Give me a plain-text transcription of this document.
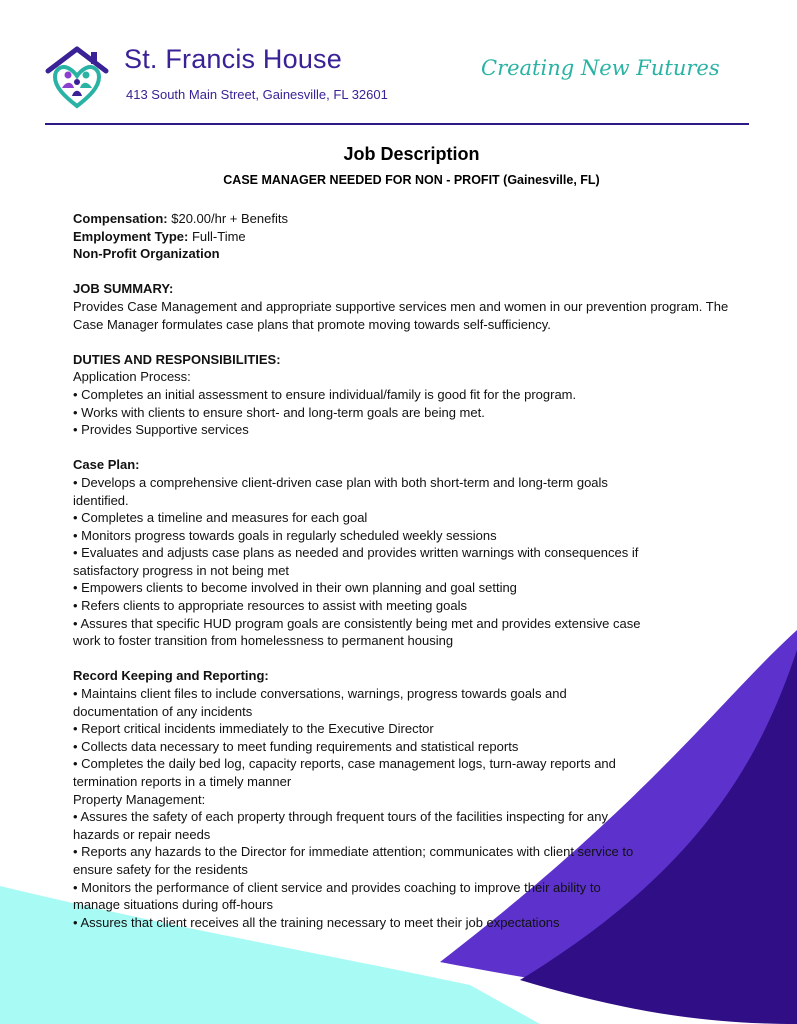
St. Francis House
413 South Main Street, Gainesville, FL 32601
Creating New Futures
Job Description
CASE MANAGER NEEDED FOR NON - PROFIT (Gainesville, FL)
Compensation: $20.00/hr + Benefits
Employment Type: Full-Time
Non-Profit Organization
JOB SUMMARY:
Provides Case Management and appropriate supportive services men and women in our prevention program. The Case Manager formulates case plans that promote moving towards self-sufficiency.
DUTIES AND RESPONSIBILITIES:
Application Process:
• Completes an initial assessment to ensure individual/family is good fit for the program.
• Works with clients to ensure short- and long-term goals are being met.
• Provides Supportive services
Case Plan:
• Develops a comprehensive client-driven case plan with both short-term and long-term goals
identified.
• Completes a timeline and measures for each goal
• Monitors progress towards goals in regularly scheduled weekly sessions
• Evaluates and adjusts case plans as needed and provides written warnings with consequences if
satisfactory progress in not being met
• Empowers clients to become involved in their own planning and goal setting
• Refers clients to appropriate resources to assist with meeting goals
• Assures that specific HUD program goals are consistently being met and provides extensive case
work to foster transition from homelessness to permanent housing
Record Keeping and Reporting:
• Maintains client files to include conversations, warnings, progress towards goals and
documentation of any incidents
• Report critical incidents immediately to the Executive Director
• Collects data necessary to meet funding requirements and statistical reports
• Completes the daily bed log, capacity reports, case management logs, turn-away reports and
termination reports in a timely manner
Property Management:
• Assures the safety of each property through frequent tours of the facilities inspecting for any
hazards or repair needs
• Reports any hazards to the Director for immediate attention; communicates with client service to
ensure safety for the residents
• Monitors the performance of client service and provides coaching to improve their ability to
manage situations during off-hours
• Assures that client receives all the training necessary to meet their job expectations
